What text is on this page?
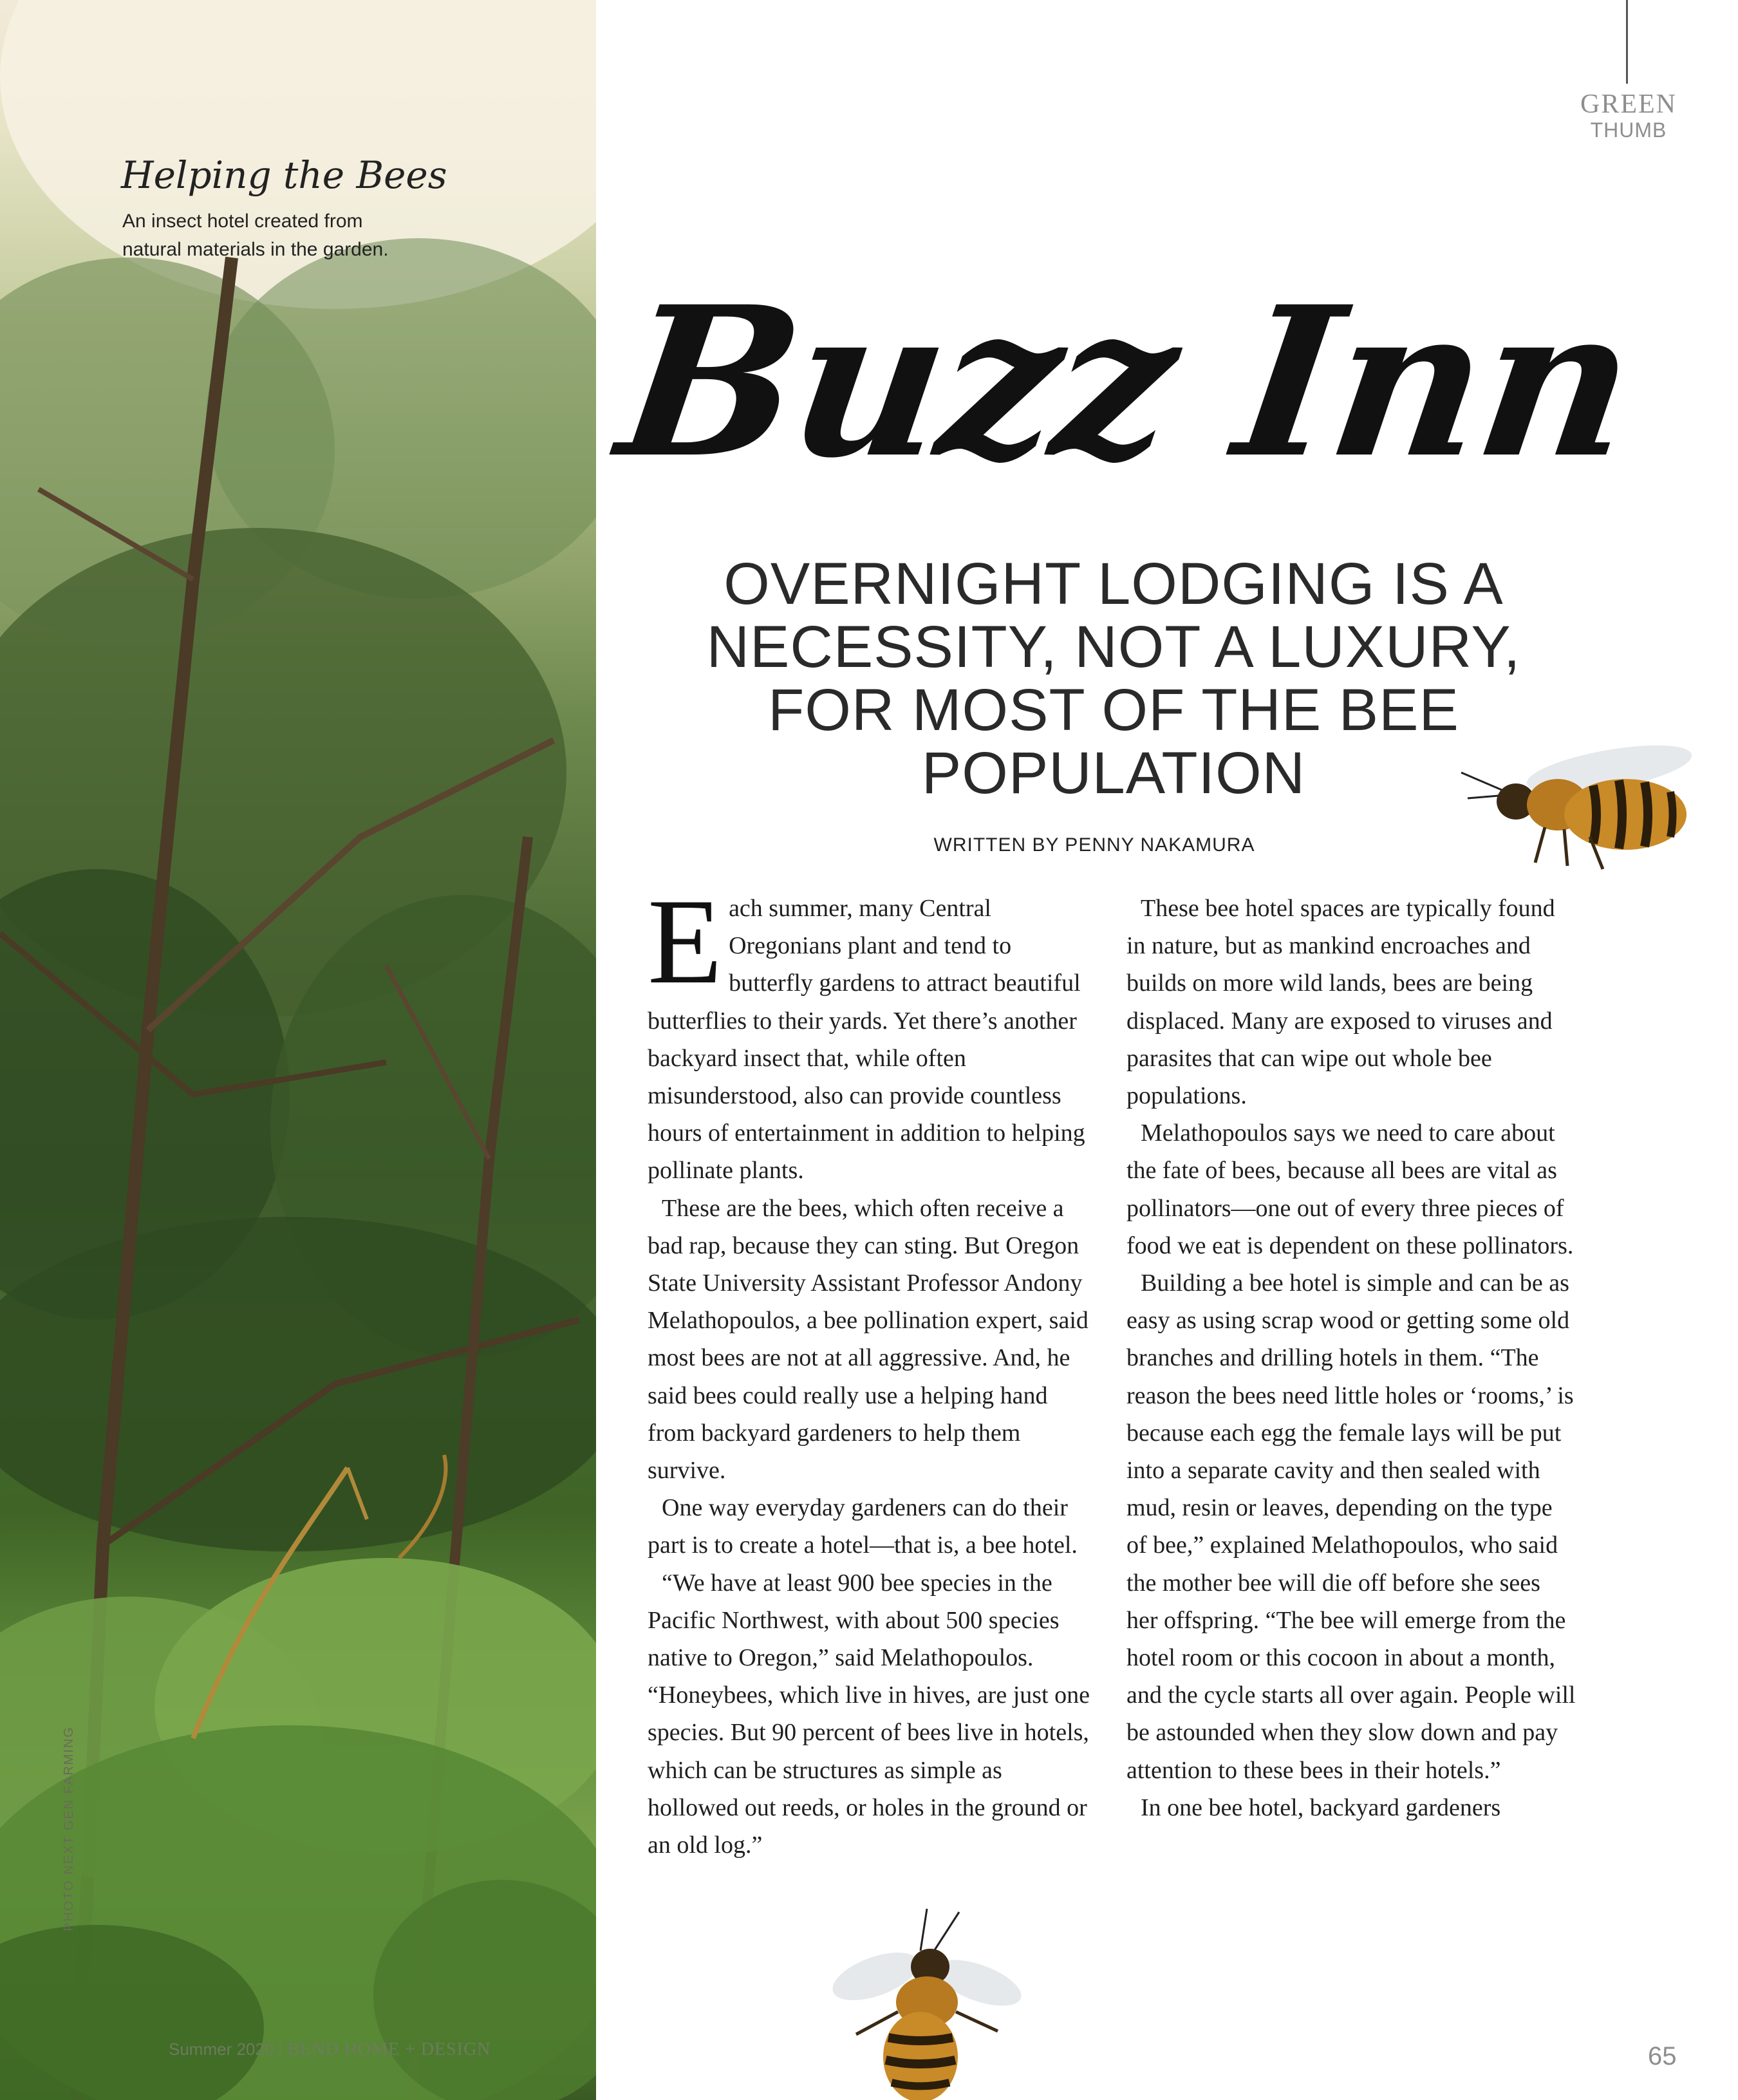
Helping the Bees
An insect hotel created from natural materials in the garden.
PHOTO NEXT GEN FARMING
Summer 2020 | BEND HOME + DESIGN
GREEN
THUMB
Buzz Inn
OVERNIGHT LODGING IS A NECESSITY, NOT A LUXURY, FOR MOST OF THE BEE POPULATION
WRITTEN BY PENNY NAKAMURA

Each summer, many Central Oregonians plant and tend to butterfly gardens to attract beautiful butterflies to their yards. Yet there’s another backyard insect that, while often misunderstood, also can provide countless hours of entertainment in addition to helping pollinate plants.

These are the bees, which often receive a bad rap, because they can sting. But Oregon State University Assistant Professor Andony Melathopoulos, a bee pollination expert, said most bees are not at all aggressive. And, he said bees could really use a helping hand from backyard gardeners to help them survive.

One way everyday gardeners can do their part is to create a hotel—that is, a bee hotel.

“We have at least 900 bee species in the Pacific Northwest, with about 500 species native to Oregon,” said Melathopoulos. “Honeybees, which live in hives, are just one species. But 90 percent of bees live in hotels, which can be structures as simple as hollowed out reeds, or holes in the ground or an old log.”

These bee hotel spaces are typically found in nature, but as mankind encroaches and builds on more wild lands, bees are being displaced. Many are exposed to viruses and parasites that can wipe out whole bee populations.

Melathopoulos says we need to care about the fate of bees, because all bees are vital as pollinators—one out of every three pieces of food we eat is dependent on these pollinators.

Building a bee hotel is simple and can be as easy as using scrap wood or getting some old branches and drilling hotels in them. “The reason the bees need little holes or ‘rooms,’ is because each egg the female lays will be put into a separate cavity and then sealed with mud, resin or leaves, depending on the type of bee,” explained Melathopoulos, who said the mother bee will die off before she sees her offspring. “The bee will emerge from the hotel room or this cocoon in about a month, and the cycle starts all over again. People will be astounded when they slow down and pay attention to these bees in their hotels.”

In one bee hotel, backyard gardeners

65
